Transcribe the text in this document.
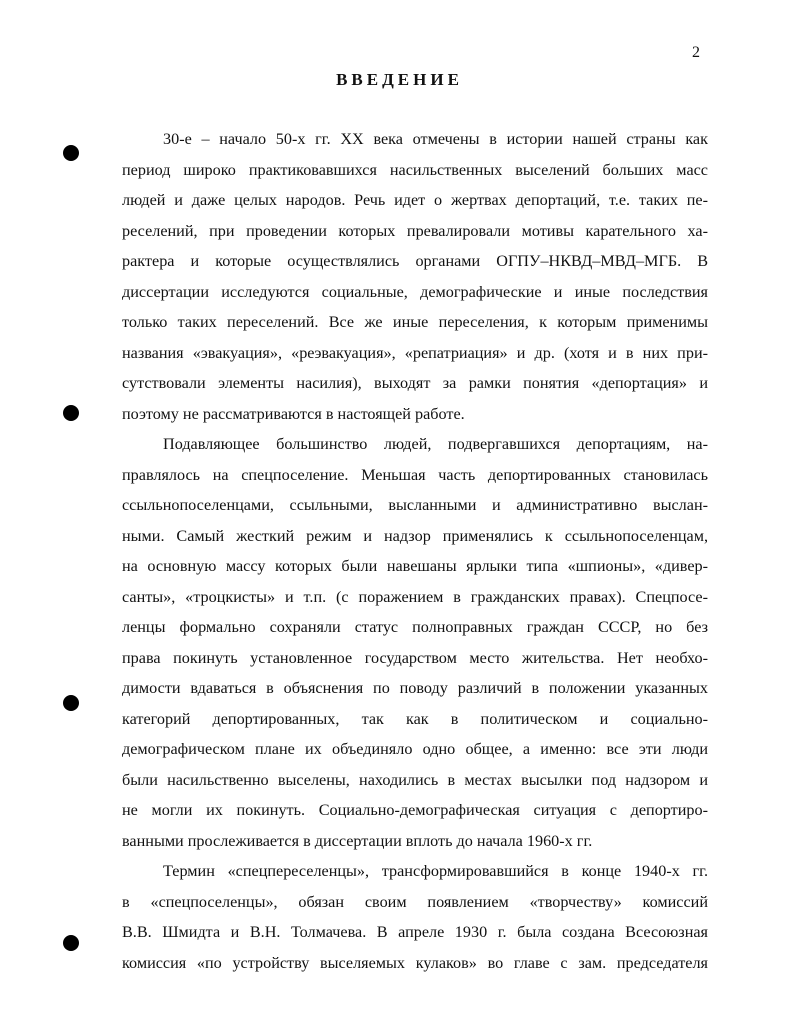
2
ВВЕДЕНИЕ
30-е – начало 50-х гг. XX века отмечены в истории нашей страны как
период широко практиковавшихся насильственных выселений больших масс
людей и даже целых народов. Речь идет о жертвах депортаций, т.е. таких пе-
реселений, при проведении которых превалировали мотивы карательного ха-
рактера и которые осуществлялись органами ОГПУ–НКВД–МВД–МГБ. В
диссертации исследуются социальные, демографические и иные последствия
только таких переселений. Все же иные переселения, к которым применимы
названия «эвакуация», «реэвакуация», «репатриация» и др. (хотя и в них при-
сутствовали элементы насилия), выходят за рамки понятия «депортация» и
поэтому не рассматриваются в настоящей работе.
Подавляющее большинство людей, подвергавшихся депортациям, на-
правлялось на спецпоселение. Меньшая часть депортированных становилась
ссыльнопоселенцами, ссыльными, высланными и административно выслан-
ными. Самый жесткий режим и надзор применялись к ссыльнопоселенцам,
на основную массу которых были навешаны ярлыки типа «шпионы», «дивер-
санты», «троцкисты» и т.п. (с поражением в гражданских правах). Спецпосе-
ленцы формально сохраняли статус полноправных граждан СССР, но без
права покинуть установленное государством место жительства. Нет необхо-
димости вдаваться в объяснения по поводу различий в положении указанных
категорий депортированных, так как в политическом и социально-
демографическом плане их объединяло одно общее, а именно: все эти люди
были насильственно выселены, находились в местах высылки под надзором и
не могли их покинуть. Социально-демографическая ситуация с депортиро-
ванными прослеживается в диссертации вплоть до начала 1960-х гг.
Термин «спецпереселенцы», трансформировавшийся в конце 1940-х гг.
в «спецпоселенцы», обязан своим появлением «творчеству» комиссий
В.В. Шмидта и В.Н. Толмачева. В апреле 1930 г. была создана Всесоюзная
комиссия «по устройству выселяемых кулаков» во главе с зам. председателя
